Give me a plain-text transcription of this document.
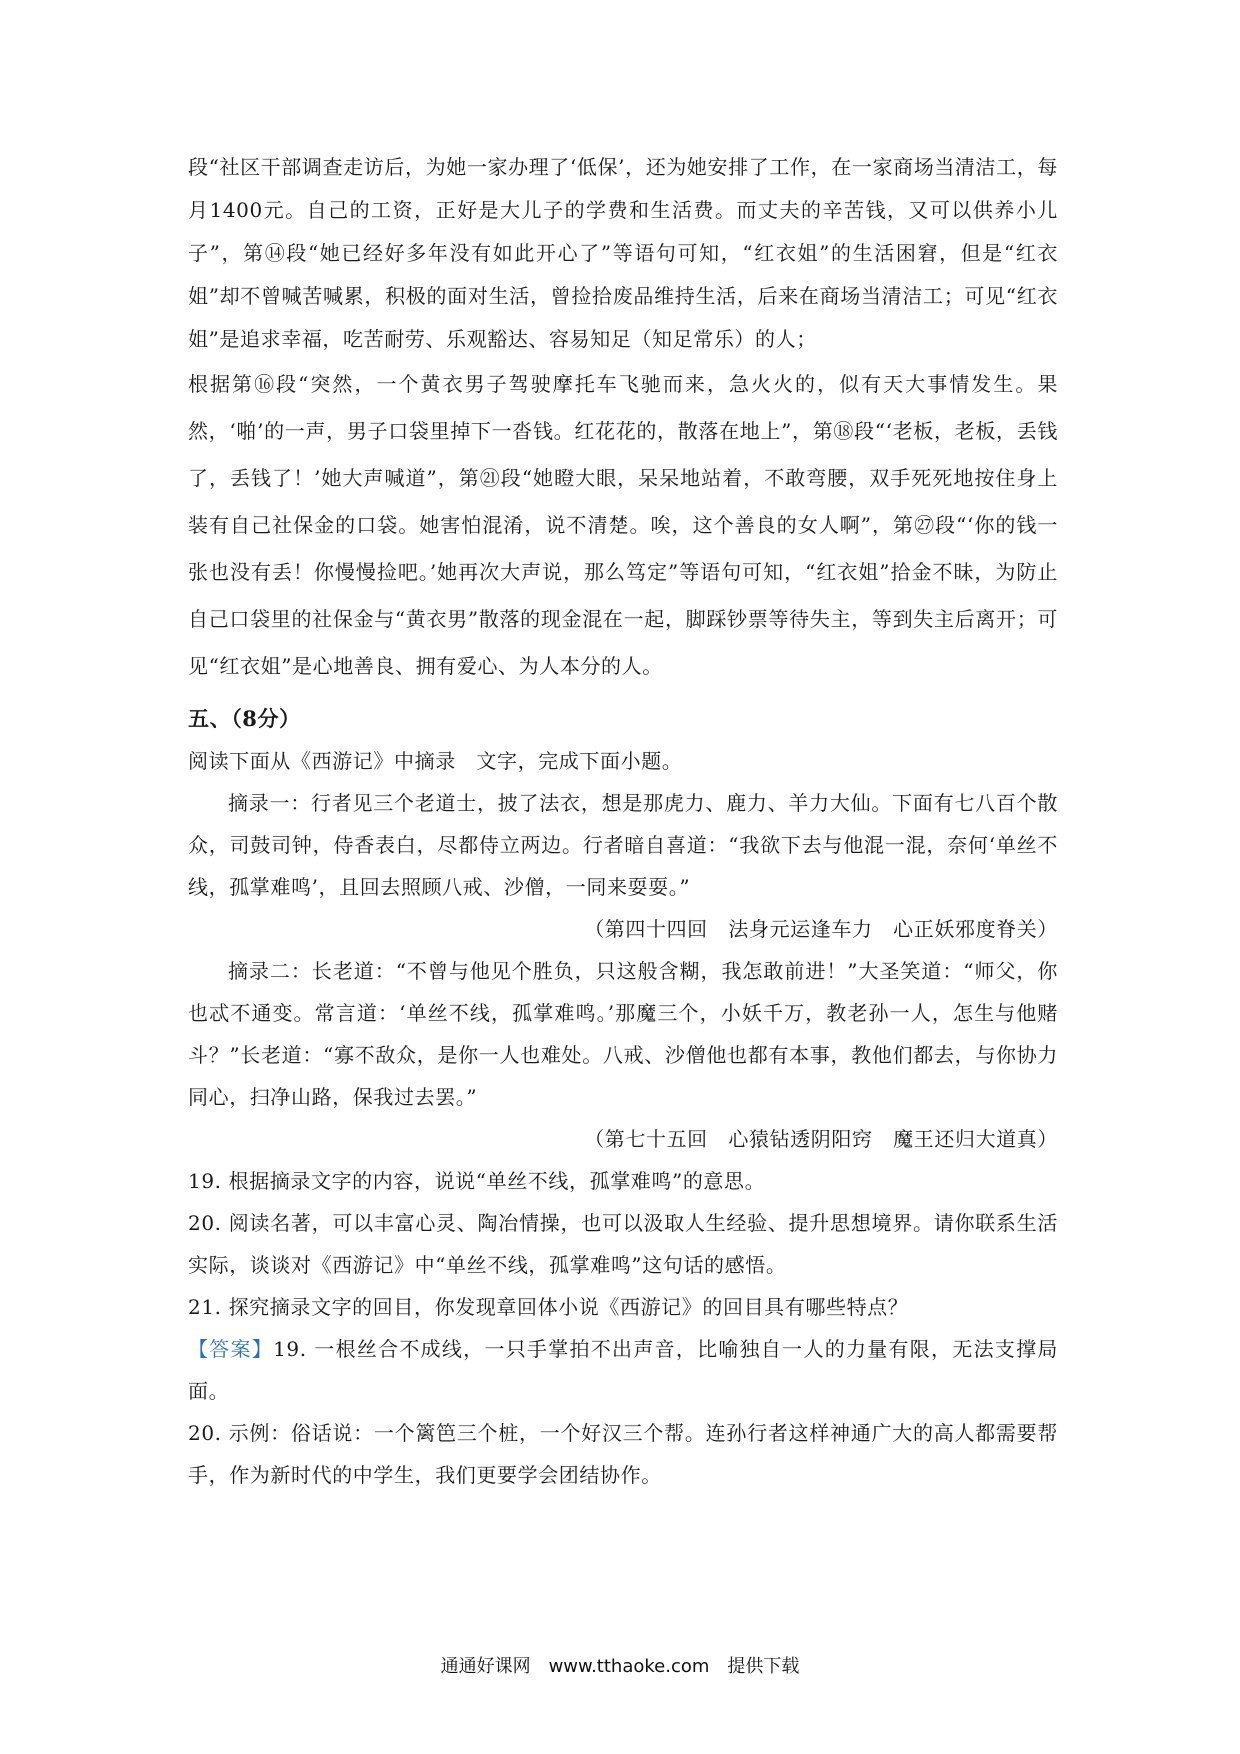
段“社区干部调查走访后，为她一家办理了‘低保’，还为她安排了工作，在一家商场当清洁工，每月1400元。自己的工资，正好是大儿子的学费和生活费。而丈夫的辛苦钱，又可以供养小儿子”，第⑭段“她已经好多年没有如此开心了”等语句可知，“红衣姐”的生活困窘，但是“红衣姐”却不曾喊苦喊累，积极的面对生活，曾捡拾废品维持生活，后来在商场当清洁工；可见“红衣姐”是追求幸福，吃苦耐劳、乐观豁达、容易知足（知足常乐）的人；

根据第⑯段“突然，一个黄衣男子驾驶摩托车飞驰而来，急火火的，似有天大事情发生。果然，‘啪’的一声，男子口袋里掉下一沓钱。红花花的，散落在地上”，第⑱段“‘老板，老板，丢钱了，丢钱了！’她大声喊道”，第㉑段“她瞪大眼，呆呆地站着，不敢弯腰，双手死死地按住身上装有自己社保金的口袋。她害怕混淆，说不清楚。唉，这个善良的女人啊”，第㉗段“‘你的钱一张也没有丢！你慢慢捡吧。’她再次大声说，那么笃定”等语句可知，“红衣姐”拾金不昧，为防止自己口袋里的社保金与“黄衣男”散落的现金混在一起，脚踩钞票等待失主，等到失主后离开；可见“红衣姐”是心地善良、拥有爱心、为人本分的人。

五、（8分）

阅读下面从《西游记》中摘录　文字，完成下面小题。

摘录一：行者见三个老道士，披了法衣，想是那虎力、鹿力、羊力大仙。下面有七八百个散众，司鼓司钟，侍香表白，尽都侍立两边。行者暗自喜道：“我欲下去与他混一混，奈何‘单丝不线，孤掌难鸣’，且回去照顾八戒、沙僧，一同来耍耍。”

（第四十四回　法身元运逢车力　心正妖邪度脊关）

摘录二：长老道：“不曾与他见个胜负，只这般含糊，我怎敢前进！”大圣笑道：“师父，你也忒不通变。常言道：‘单丝不线，孤掌难鸣。’那魔三个，小妖千万，教老孙一人，怎生与他赌斗？”长老道：“寡不敌众，是你一人也难处。八戒、沙僧他也都有本事，教他们都去，与你协力同心，扫净山路，保我过去罢。”

（第七十五回　心猿钻透阴阳窍　魔王还归大道真）

19. 根据摘录文字的内容，说说“单丝不线，孤掌难鸣”的意思。

20. 阅读名著，可以丰富心灵、陶冶情操，也可以汲取人生经验、提升思想境界。请你联系生活实际，谈谈对《西游记》中“单丝不线，孤掌难鸣”这句话的感悟。

21. 探究摘录文字的回目，你发现章回体小说《西游记》的回目具有哪些特点？

【答案】19. 一根丝合不成线，一只手掌拍不出声音，比喻独自一人的力量有限，无法支撑局面。

20. 示例：俗话说：一个篱笆三个桩，一个好汉三个帮。连孙行者这样神通广大的高人都需要帮手，作为新时代的中学生，我们更要学会团结协作。

通通好课网　www.tthaoke.com　提供下载
